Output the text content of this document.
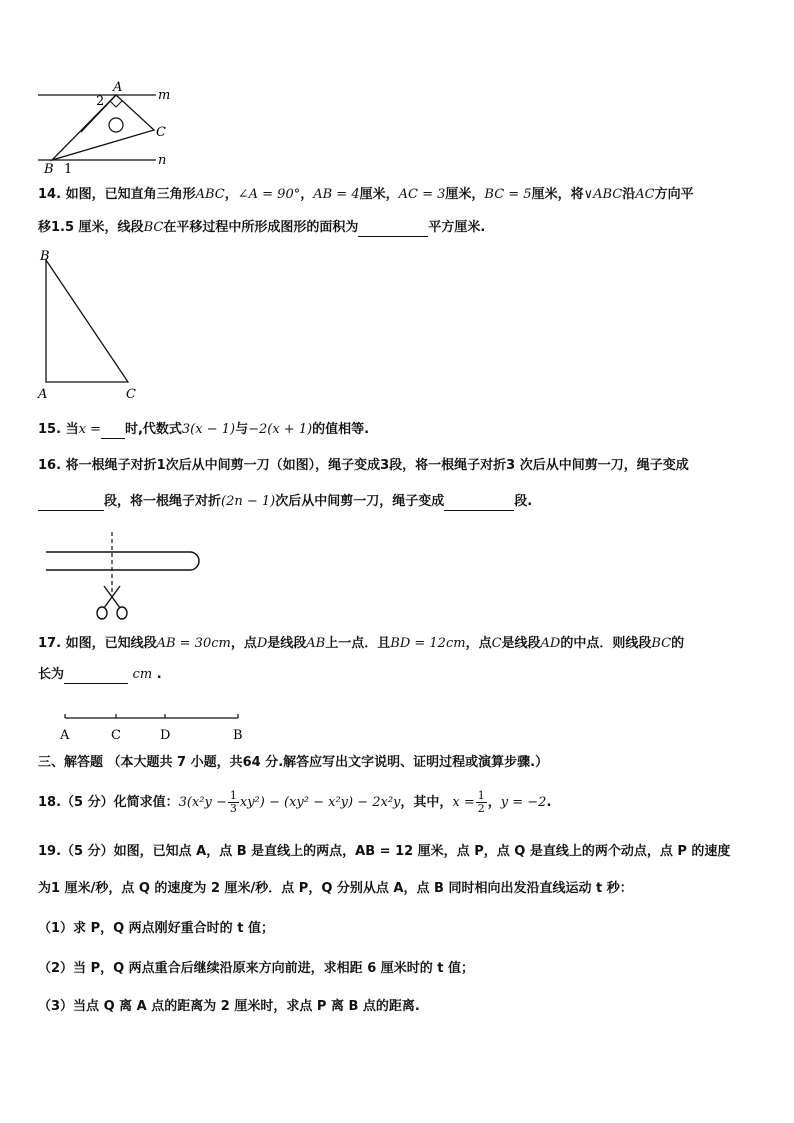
A
m
2
C
B 1
n
14. 如图，已知直角三角形ABC，∠A = 90°，AB = 4厘米，AC = 3厘米，BC = 5厘米，将∨ABC沿AC方向平
移1.5 厘米，线段BC在平移过程中所形成图形的面积为	平方厘米.
B
A	C
15. 当x = 时,代数式3(x − 1)与−2(x + 1)的值相等.
16. 将一根绳子对折1次后从中间剪一刀（如图），绳子变成3段，将一根绳子对折3 次后从中间剪一刀，绳子变成
段，将一根绳子对折(2n − 1)次后从中间剪一刀，绳子变成	段.
17. 如图，已知线段AB = 30cm，点D是线段AB上一点．且BD = 12cm，点C是线段AD的中点．则线段BC的
长为	cm .
A	C	D	B
三、解答题 （本大题共 7 小题，共64 分.解答应写出文字说明、证明过程或演算步骤.）
18.（5 分）化简求值：$3(x^2y - \frac{1}{3} xy^2) - (xy^2 - x^2y) - 2x^2y$，其中，$x = \frac{1}{2}$ ，y = −2.
19.（5 分）如图，已知点 A，点 B 是直线上的两点，AB = 12 厘米，点 P，点 Q 是直线上的两个动点，点 P 的速度
为1 厘米/秒，点 Q 的速度为 2 厘米/秒．点 P，Q 分别从点 A，点 B 同时相向出发沿直线运动 t 秒：
（1）求 P，Q 两点刚好重合时的 t 值；
（2）当 P，Q 两点重合后继续沿原来方向前进，求相距 6 厘米时的 t 值；
（3）当点 Q 离 A 点的距离为 2 厘米时，求点 P 离 B 点的距离.
